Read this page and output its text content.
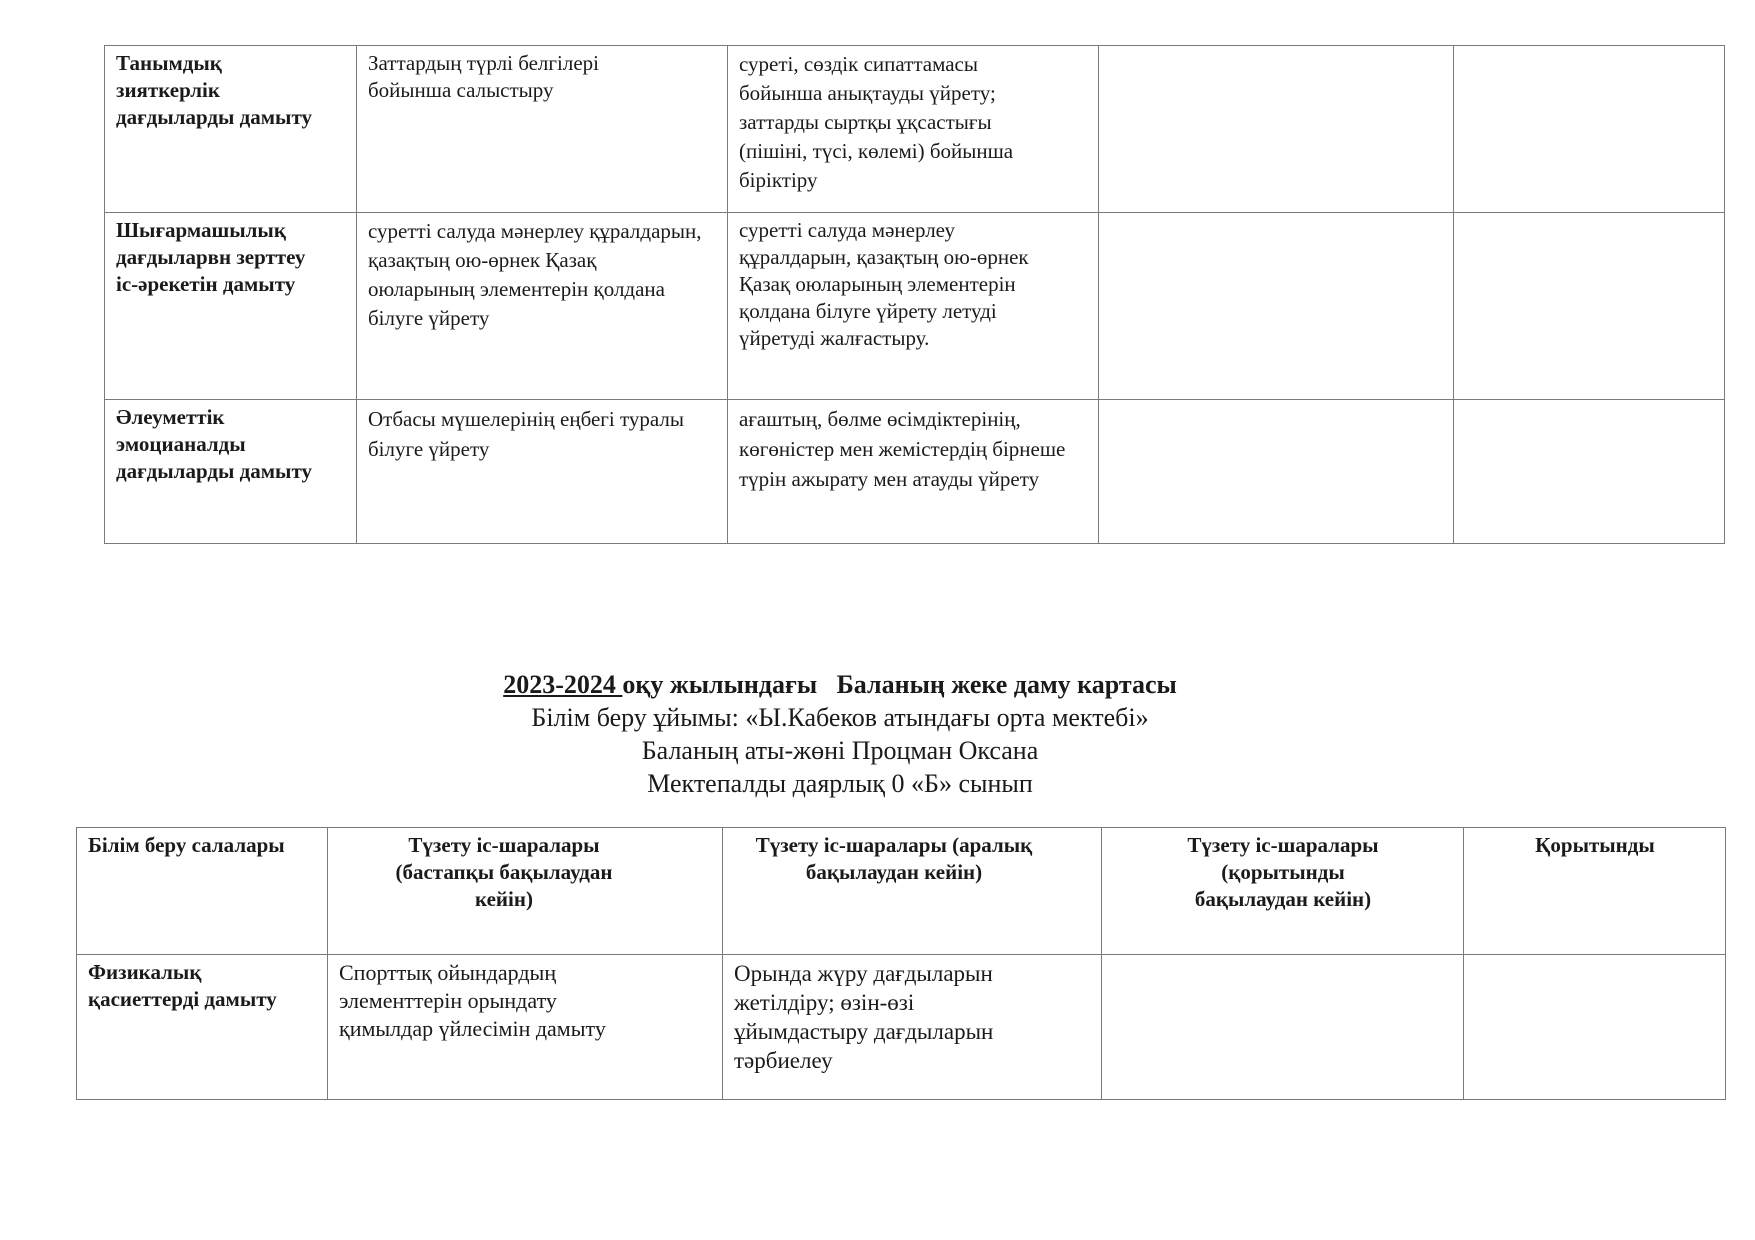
Танымдық зияткерлік дағдыларды дамыту	Заттардың түрлі белгілері бойынша салыстыру	суреті, сөздік сипаттамасы бойынша анықтауды үйрету; заттарды сыртқы ұқсастығы (пішіні, түсі, көлемі) бойынша біріктіру		

Шығармашылық дағдыларвн зерттеу іс-әрекетін дамыту	суретті салуда мәнерлеу құралдарын, қазақтың ою-өрнек Қазақ оюларының элементерін қолдана білуге үйрету	суретті салуда мәнерлеу құралдарын, қазақтың ою-өрнек Қазақ оюларының элементерін қолдана білуге үйрету летуді үйретуді жалғастыру.		

Әлеуметтік эмоцианалды дағдыларды дамыту	Отбасы мүшелерінің еңбегі туралы білуге үйрету	ағаштың, бөлме өсімдіктерінің, көгөністер мен жемістердің бірнеше түрін ажырату мен атауды үйрету		

2023-2024 оқу жылындағы   Баланың жеке даму картасы
Білім беру ұйымы: «Ы.Кабеков атындағы орта мектебі»
Баланың аты-жөні Процман Оксана
Мектепалды даярлық 0 «Б» сынып
Білім беру салалары	Түзету іс-шаралары (бастапқы бақылаудан кейін)	Түзету іс-шаралары (аралық бақылаудан кейін)	Түзету іс-шаралары (қорытынды бақылаудан кейін)	Қорытынды

Физикалық қасиеттерді дамыту	Спорттық ойындардың элементтерін орындату қимылдар үйлесімін дамыту	Орында жүру дағдыларын жетілдіру; өзін-өзі ұйымдастыру дағдыларын тәрбиелеу		
